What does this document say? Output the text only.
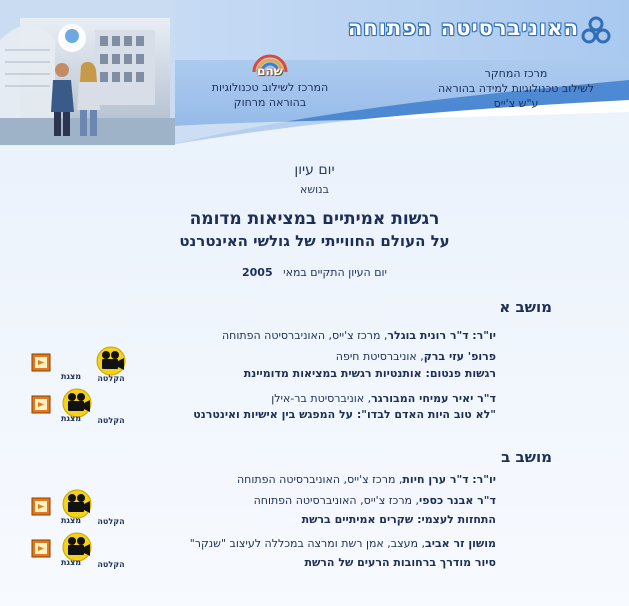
האוניברסיטה הפתוחה
מרכז המחקר
לשילוב טכנולוגיות למידה בהוראה
ע"ש צ'ייס
שהם
המרכז לשילוב טכנולוגיות
בהוראה מרחוק
יום עיון
בנושא
רגשות אמיתיים במציאות מדומה
על העולם החווייתי של גולשי האינטרנט
יום העיון התקיים במאי   2005
מושב א
יו"ר: ד"ר רונית בוגלר, מרכז צ'ייס, האוניברסיטה הפתוחה
פרופ' עזי ברק, אוניברסיטת חיפה
רגשות פנטום: אותנטיות רגשית במציאות מדומיינת
ד"ר יאיר עמיחי המבורגר, אוניברסיטת בר-אילן
"לא טוב היות האדם לבדו": על המפגש בין אישיות ואינטרנט
מושב ב
יו"ר: ד"ר ערן חיות, מרכז צ'ייס, האוניברסיטה הפתוחה
ד"ר אבנר כספי, מרכז צ'ייס, האוניברסיטה הפתוחה
התחזות לעצמי: שקרים אמיתיים ברשת
מושון זר אביב, מעצב, אמן רשת ומרצה במכללה לעיצוב "שנקר"
סיור מודרך ברחובות הרעים של הרשת
הקלטה
מצגת
הקלטה
מצגת
הקלטה
מצגת
הקלטה
מצגת
